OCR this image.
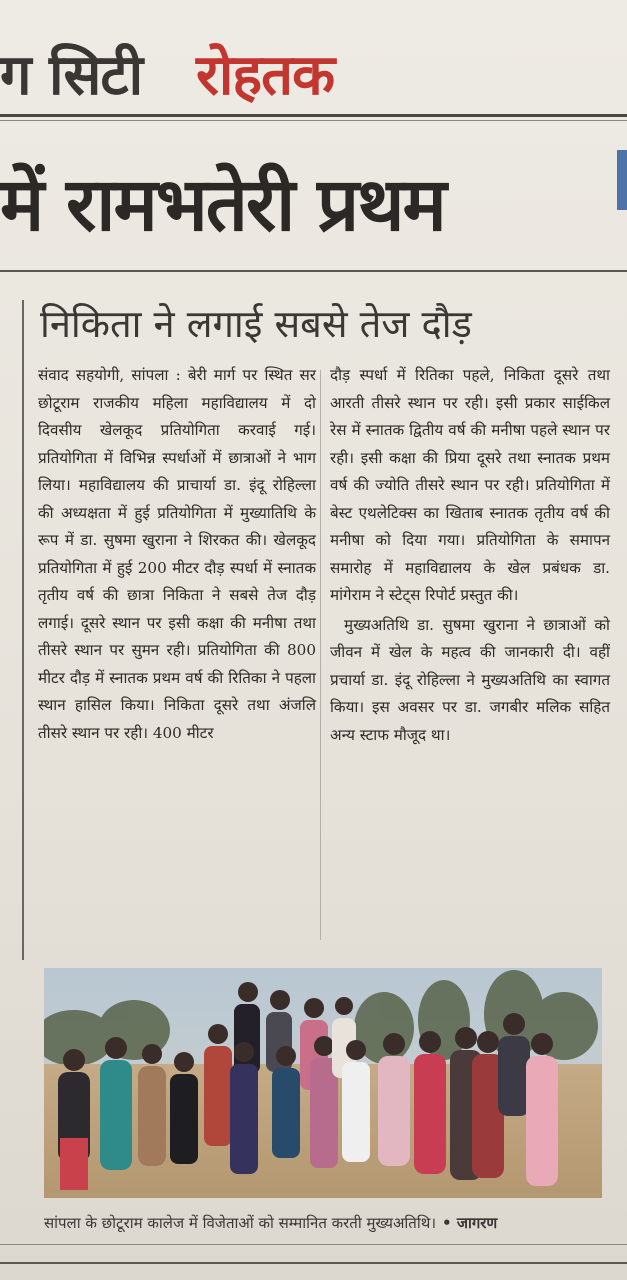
ग सिटी रोहतक
में रामभतेरी प्रथम
निकिता ने लगाई सबसे तेज दौड़

संवाद सहयोगी, सांपला : बेरी मार्ग पर स्थित सर छोटूराम राजकीय महिला महाविद्यालय में दो दिवसीय खेलकूद प्रतियोगिता करवाई गई। प्रतियोगिता में विभिन्न स्पर्धाओं में छात्राओं ने भाग लिया। महाविद्यालय की प्राचार्या डा. इंदू रोहिल्ला की अध्यक्षता में हुई प्रतियोगिता में मुख्यातिथि के रूप में डा. सुषमा खुराना ने शिरकत की। खेलकूद प्रतियोगिता में हुई 200 मीटर दौड़ स्पर्धा में स्नातक तृतीय वर्ष की छात्रा निकिता ने सबसे तेज दौड़ लगाई। दूसरे स्थान पर इसी कक्षा की मनीषा तथा तीसरे स्थान पर सुमन रही। प्रतियोगिता की 800 मीटर दौड़ में स्नातक प्रथम वर्ष की रितिका ने पहला स्थान हासिल किया। निकिता दूसरे तथा अंजलि तीसरे स्थान पर रही। 400 मीटर

दौड़ स्पर्धा में रितिका पहले, निकिता दूसरे तथा आरती तीसरे स्थान पर रही। इसी प्रकार साईकिल रेस में स्नातक द्वितीय वर्ष की मनीषा पहले स्थान पर रही। इसी कक्षा की प्रिया दूसरे तथा स्नातक प्रथम वर्ष की ज्योति तीसरे स्थान पर रही। प्रतियोगिता में बेस्ट एथलेटिक्स का खिताब स्नातक तृतीय वर्ष की मनीषा को दिया गया। प्रतियोगिता के समापन समारोह में महाविद्यालय के खेल प्रबंधक डा. मांगेराम ने स्टेट्स रिपोर्ट प्रस्तुत की।

मुख्यअतिथि डा. सुषमा खुराना ने छात्राओं को जीवन में खेल के महत्व की जानकारी दी। वहीं प्रचार्या डा. इंदू रोहिल्ला ने मुख्यअतिथि का स्वागत किया। इस अवसर पर डा. जगबीर मलिक सहित अन्य स्टाफ मौजूद था।

सांपला के छोटूराम कालेज में विजेताओं को सम्मानित करती मुख्यअतिथि। • जागरण
